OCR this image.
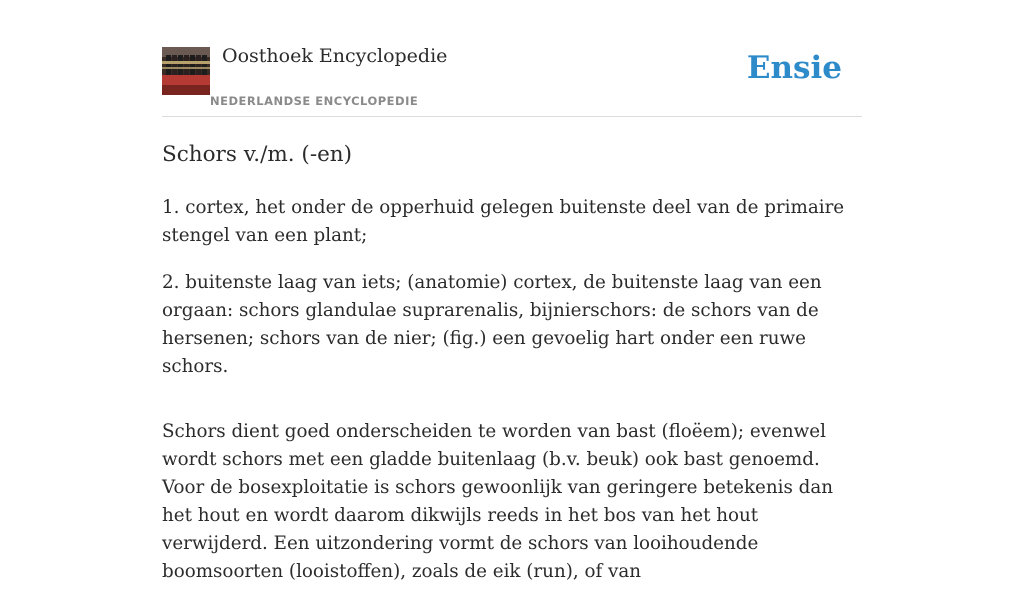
Oosthoek Encyclopedie
NEDERLANDSE ENCYCLOPEDIE
Ensie
Schors v./m. (-en)

1. cortex, het onder de opperhuid gelegen buitenste deel van de primaire stengel van een plant;

2. buitenste laag van iets; (anatomie) cortex, de buitenste laag van een orgaan: schors glandulae suprarenalis, bijnierschors: de schors van de hersenen; schors van de nier; (fig.) een gevoelig hart onder een ruwe schors.

Schors dient goed onderscheiden te worden van bast (floëem); evenwel wordt schors met een gladde buitenlaag (b.v. beuk) ook bast genoemd. Voor de bosexploitatie is schors gewoonlijk van geringere betekenis dan het hout en wordt daarom dikwijls reeds in het bos van het hout verwijderd. Een uitzondering vormt de schors van looihoudende boomsoorten (looistoffen), zoals de eik (run), of van
